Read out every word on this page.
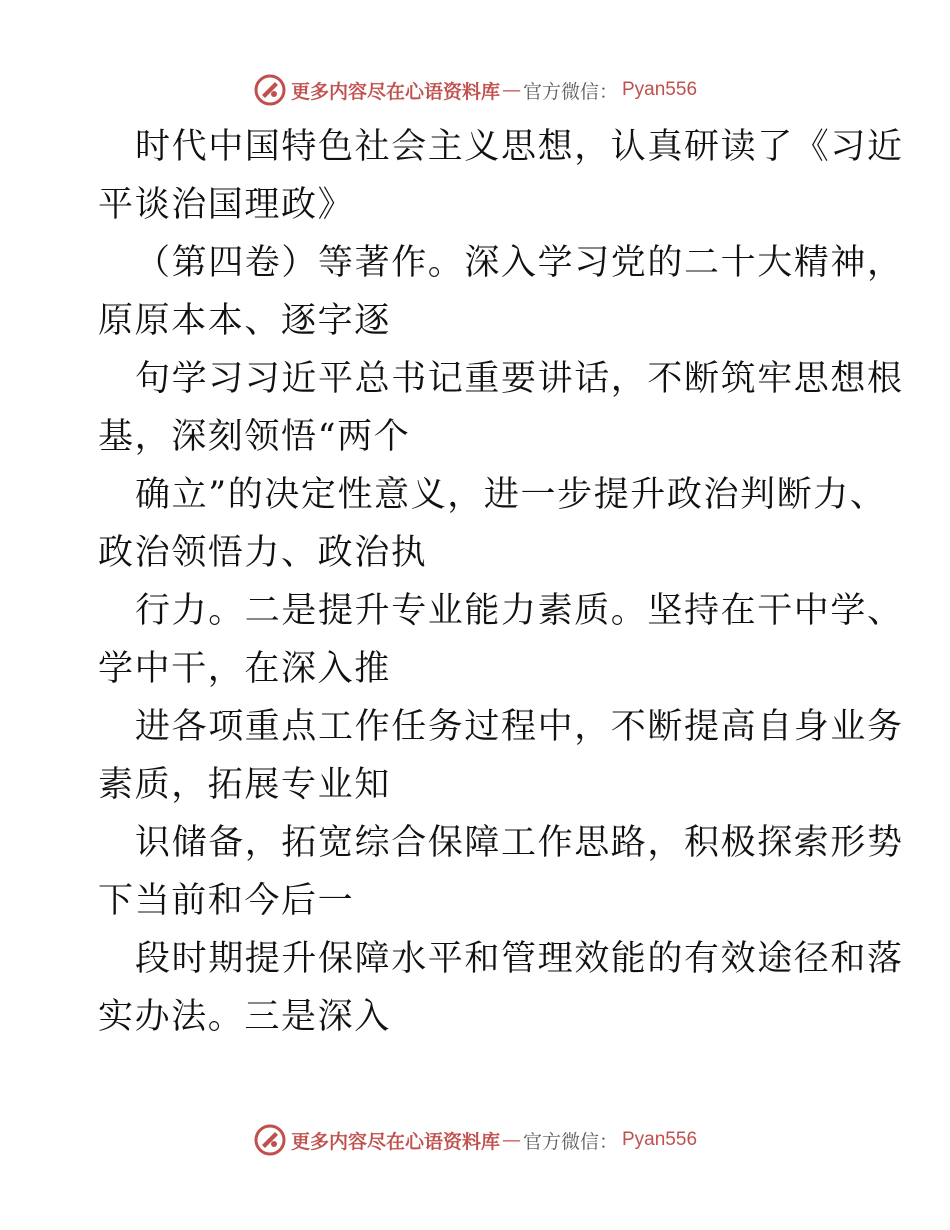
更多内容尽在心语资料库 — 官方微信： Pyan556
时代中国特色社会主义思想，认真研读了《习近
平谈治国理政》
（第四卷）等著作。深入学习党的二十大精神，
原原本本、逐字逐
句学习习近平总书记重要讲话，不断筑牢思想根
基，深刻领悟“两个
确立”的决定性意义，进一步提升政治判断力、
政治领悟力、政治执
行力。二是提升专业能力素质。坚持在干中学、
学中干，在深入推
进各项重点工作任务过程中，不断提高自身业务
素质，拓展专业知
识储备，拓宽综合保障工作思路，积极探索形势
下当前和今后一
段时期提升保障水平和管理效能的有效途径和落
实办法。三是深入
更多内容尽在心语资料库 — 官方微信： Pyan556
